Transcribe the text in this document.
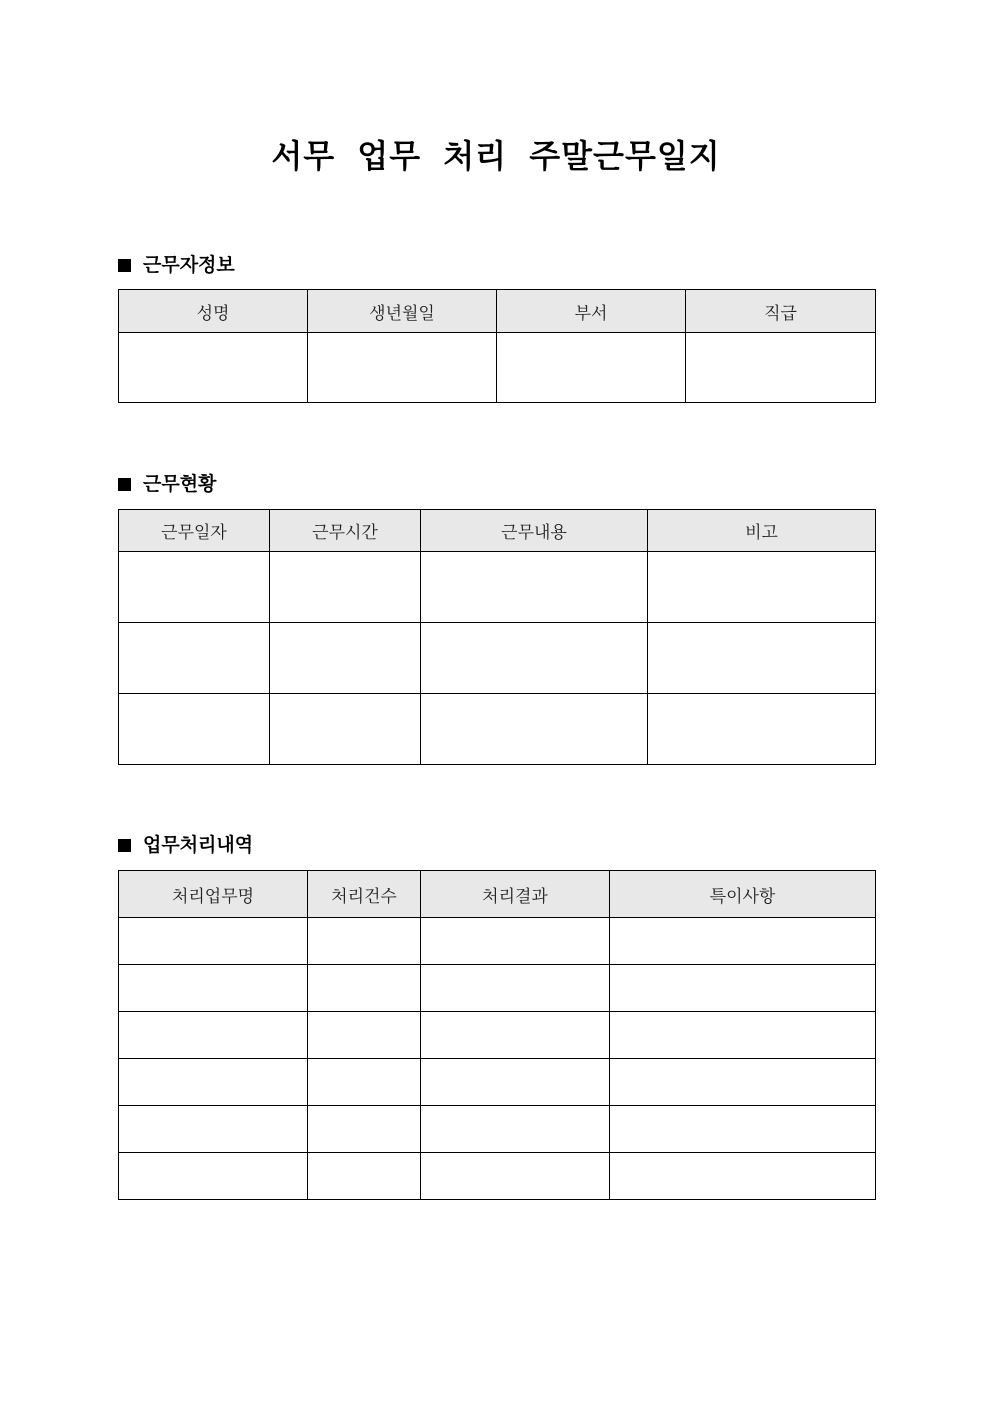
서무 업무 처리 주말근무일지
근무자정보
성명	생년월일	부서	직급

근무현황
근무일자	근무시간	근무내용	비고

업무처리내역
처리업무명	처리건수	처리결과	특이사항
